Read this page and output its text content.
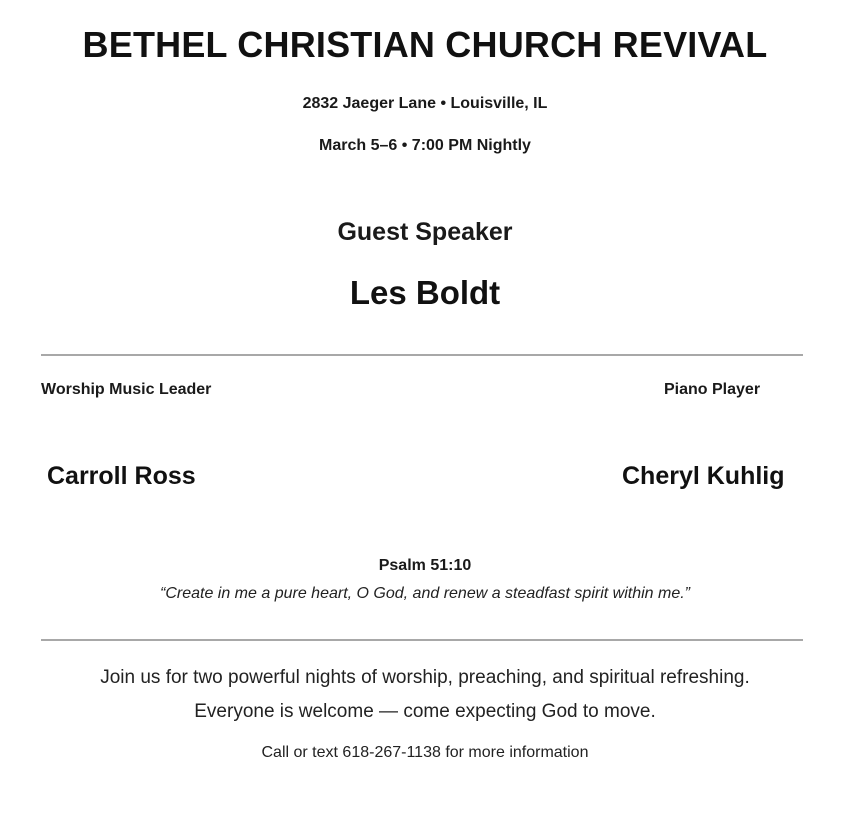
BETHEL CHRISTIAN CHURCH REVIVAL
2832 Jaeger Lane • Louisville, IL
March 5–6 • 7:00 PM Nightly
Guest Speaker
Les Boldt
Worship Music Leader	Piano Player
Carroll Ross	Cheryl Kuhlig
Psalm 51:10
“Create in me a pure heart, O God, and renew a steadfast spirit within me.”
Join us for two powerful nights of worship, preaching, and spiritual refreshing.
Everyone is welcome — come expecting God to move.
Call or text 618-267-1138 for more information
